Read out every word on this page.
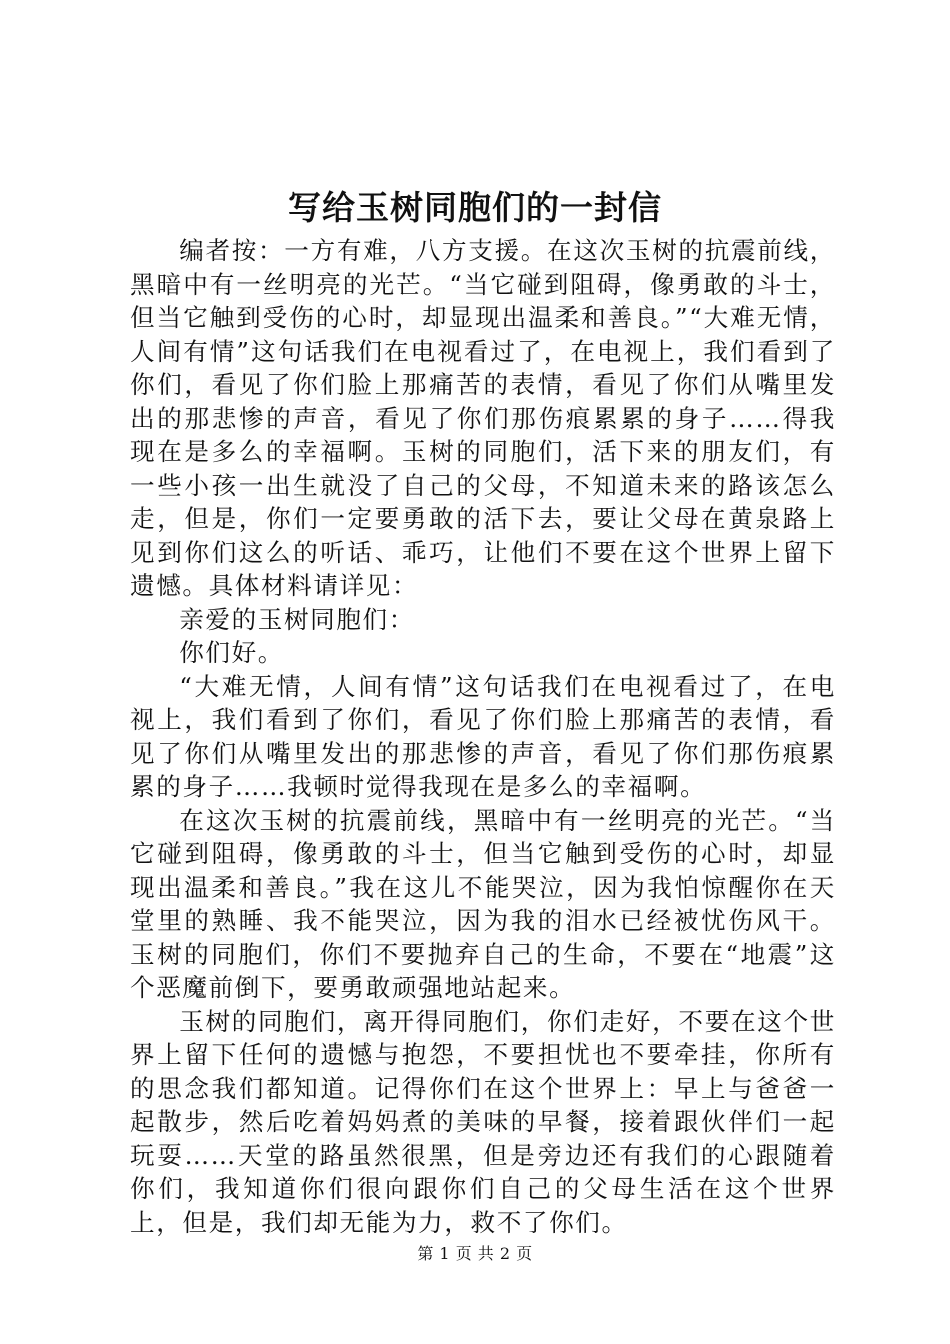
写给玉树同胞们的一封信

编者按：一方有难，八方支援。在这次玉树的抗震前线，黑暗中有一丝明亮的光芒。“当它碰到阻碍，像勇敢的斗士，但当它触到受伤的心时，却显现出温柔和善良。”“大难无情，人间有情”这句话我们在电视看过了，在电视上，我们看到了你们，看见了你们脸上那痛苦的表情，看见了你们从嘴里发出的那悲惨的声音，看见了你们那伤痕累累的身子……得我现在是多么的幸福啊。玉树的同胞们，活下来的朋友们，有一些小孩一出生就没了自己的父母，不知道未来的路该怎么走，但是，你们一定要勇敢的活下去，要让父母在黄泉路上见到你们这么的听话、乖巧，让他们不要在这个世界上留下遗憾。具体材料请详见：

亲爱的玉树同胞们：

你们好。

“大难无情，人间有情”这句话我们在电视看过了，在电视上，我们看到了你们，看见了你们脸上那痛苦的表情，看见了你们从嘴里发出的那悲惨的声音，看见了你们那伤痕累累的身子……我顿时觉得我现在是多么的幸福啊。

在这次玉树的抗震前线，黑暗中有一丝明亮的光芒。“当它碰到阻碍，像勇敢的斗士，但当它触到受伤的心时，却显现出温柔和善良。”我在这儿不能哭泣，因为我怕惊醒你在天堂里的熟睡、我不能哭泣，因为我的泪水已经被忧伤风干。玉树的同胞们，你们不要抛弃自己的生命，不要在“地震”这个恶魔前倒下，要勇敢顽强地站起来。

玉树的同胞们，离开得同胞们，你们走好，不要在这个世界上留下任何的遗憾与抱怨，不要担忧也不要牵挂，你所有的思念我们都知道。记得你们在这个世界上：早上与爸爸一起散步，然后吃着妈妈煮的美味的早餐，接着跟伙伴们一起玩耍……天堂的路虽然很黑，但是旁边还有我们的心跟随着你们，我知道你们很向跟你们自己的父母生活在这个世界上，但是，我们却无能为力，救不了你们。

第 1 页 共 2 页
